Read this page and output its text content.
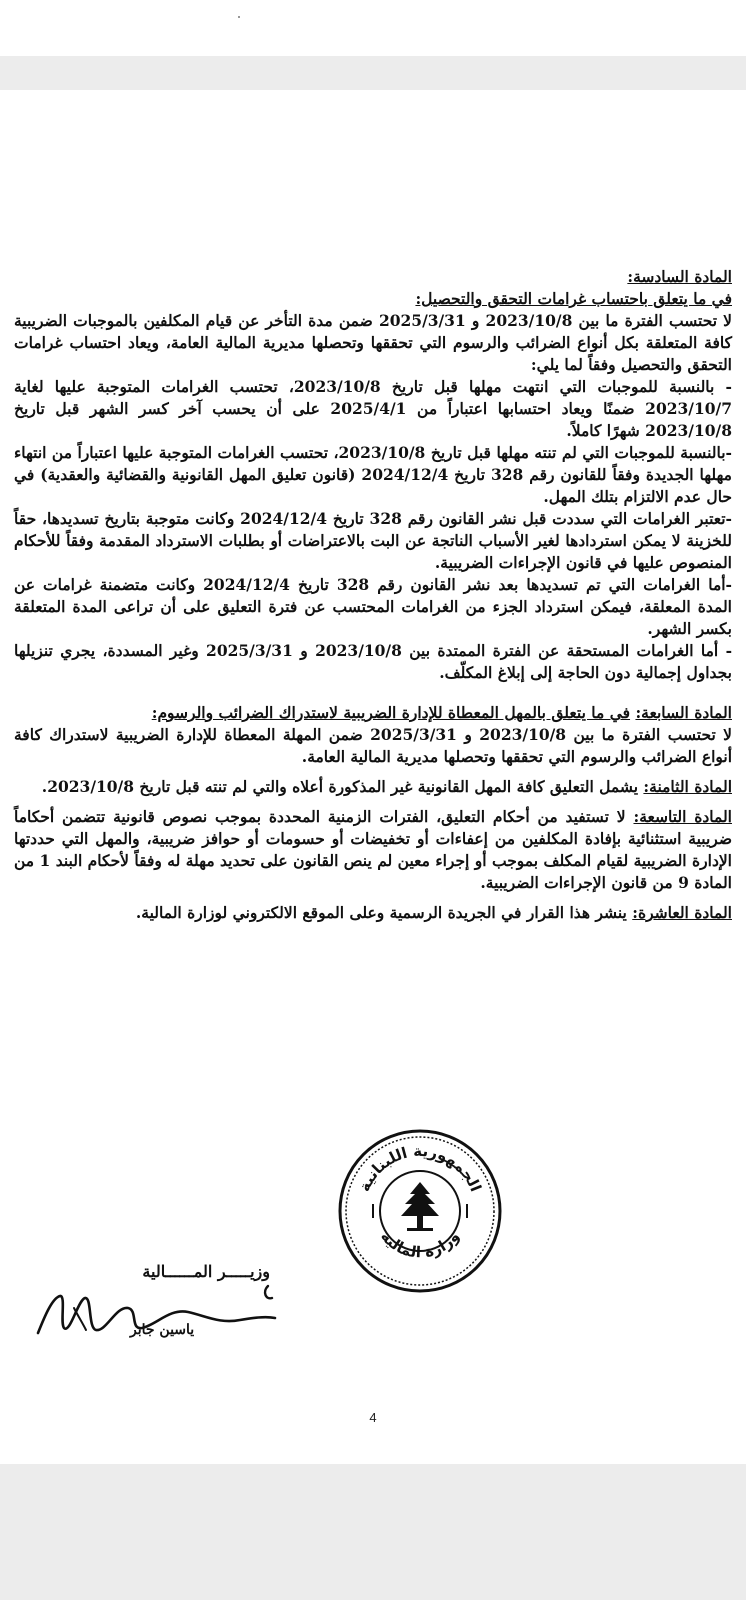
المادة السادسة:

في ما يتعلق باحتساب غرامات التحقق والتحصيل:

لا تحتسب الفترة ما بين 2023/10/8 و 2025/3/31 ضمن مدة التأخر عن قيام المكلفين بالموجبات الضريبية كافة المتعلقة بكل أنواع الضرائب والرسوم التي تحققها وتحصلها مديرية المالية العامة، ويعاد احتساب غرامات التحقق والتحصيل وفقاً لما يلي:

- بالنسبة للموجبات التي انتهت مهلها قبل تاريخ 2023/10/8، تحتسب الغرامات المتوجبة عليها لغاية 2023/10/7 ضمنًا ويعاد احتسابها اعتباراً من 2025/4/1 على أن يحسب آخر كسر الشهر قبل تاريخ 2023/10/8 شهرًا كاملاً.

-بالنسبة للموجبات التي لم تنته مهلها قبل تاريخ 2023/10/8، تحتسب الغرامات المتوجبة عليها اعتباراً من انتهاء مهلها الجديدة وفقاً للقانون رقم 328 تاريخ 2024/12/4 (قانون تعليق المهل القانونية والقضائية والعقدية) في حال عدم الالتزام بتلك المهل.

-تعتبر الغرامات التي سددت قبل نشر القانون رقم 328 تاريخ 2024/12/4 وكانت متوجبة بتاريخ تسديدها، حقاً للخزينة لا يمكن استردادها لغير الأسباب الناتجة عن البت بالاعتراضات أو بطلبات الاسترداد المقدمة وفقاً للأحكام المنصوص عليها في قانون الإجراءات الضريبية.

-أما الغرامات التي تم تسديدها بعد نشر القانون رقم 328 تاريخ 2024/12/4 وكانت متضمنة غرامات عن المدة المعلقة، فيمكن استرداد الجزء من الغرامات المحتسب عن فترة التعليق على أن تراعى المدة المتعلقة بكسر الشهر.

- أما الغرامات المستحقة عن الفترة الممتدة بين 2023/10/8 و 2025/3/31 وغير المسددة، يجري تنزيلها بجداول إجمالية دون الحاجة إلى إبلاغ المكلّف.

المادة السابعة: في ما يتعلق بالمهل المعطاة للإدارة الضريبية لاستدراك الضرائب والرسوم:

لا تحتسب الفترة ما بين 2023/10/8 و 2025/3/31 ضمن المهلة المعطاة للإدارة الضريبية لاستدراك كافة أنواع الضرائب والرسوم التي تحققها وتحصلها مديرية المالية العامة.

المادة الثامنة: يشمل التعليق كافة المهل القانونية غير المذكورة أعلاه والتي لم تنته قبل تاريخ 2023/10/8.

المادة التاسعة: لا تستفيد من أحكام التعليق، الفترات الزمنية المحددة بموجب نصوص قانونية تتضمن أحكاماً ضريبية استثنائية بإفادة المكلفين من إعفاءات أو تخفيضات أو حسومات أو حوافز ضريبية، والمهل التي حددتها الإدارة الضريبية لقيام المكلف بموجب أو إجراء معين لم ينص القانون على تحديد مهلة له وفقاً لأحكام البند 1 من المادة 9 من قانون الإجراءات الضريبية.

المادة العاشرة: ينشر هذا القرار في الجريدة الرسمية وعلى الموقع الالكتروني لوزارة المالية.

الجمهورية اللبنانية
وزارة المالية
وزيـــــر المــــــالية
ياسين جابر
4
